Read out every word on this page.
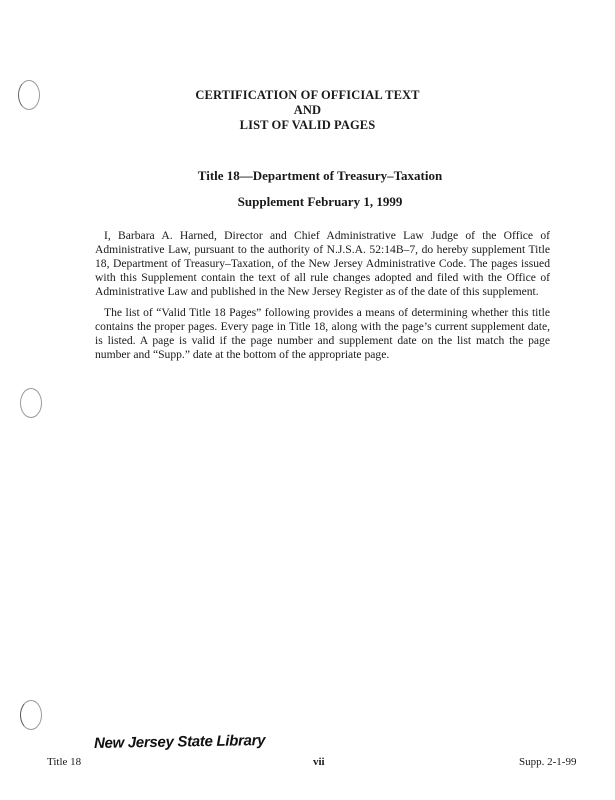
CERTIFICATION OF OFFICIAL TEXT
AND
LIST OF VALID PAGES
Title 18—Department of Treasury–Taxation
Supplement February 1, 1999

I, Barbara A. Harned, Director and Chief Administrative Law Judge of the Office of Administrative Law, pursuant to the authority of N.J.S.A. 52:14B–7, do hereby supplement Title 18, Department of Treasury–Taxation, of the New Jersey Administrative Code. The pages issued with this Supplement contain the text of all rule changes adopted and filed with the Office of Administrative Law and published in the New Jersey Register as of the date of this supplement.

The list of “Valid Title 18 Pages” following provides a means of determining whether this title contains the proper pages. Every page in Title 18, along with the page’s current supplement date, is listed. A page is valid if the page number and supplement date on the list match the page number and “Supp.” date at the bottom of the appropriate page.

New Jersey State Library
Title 18	vii	Supp. 2-1-99
